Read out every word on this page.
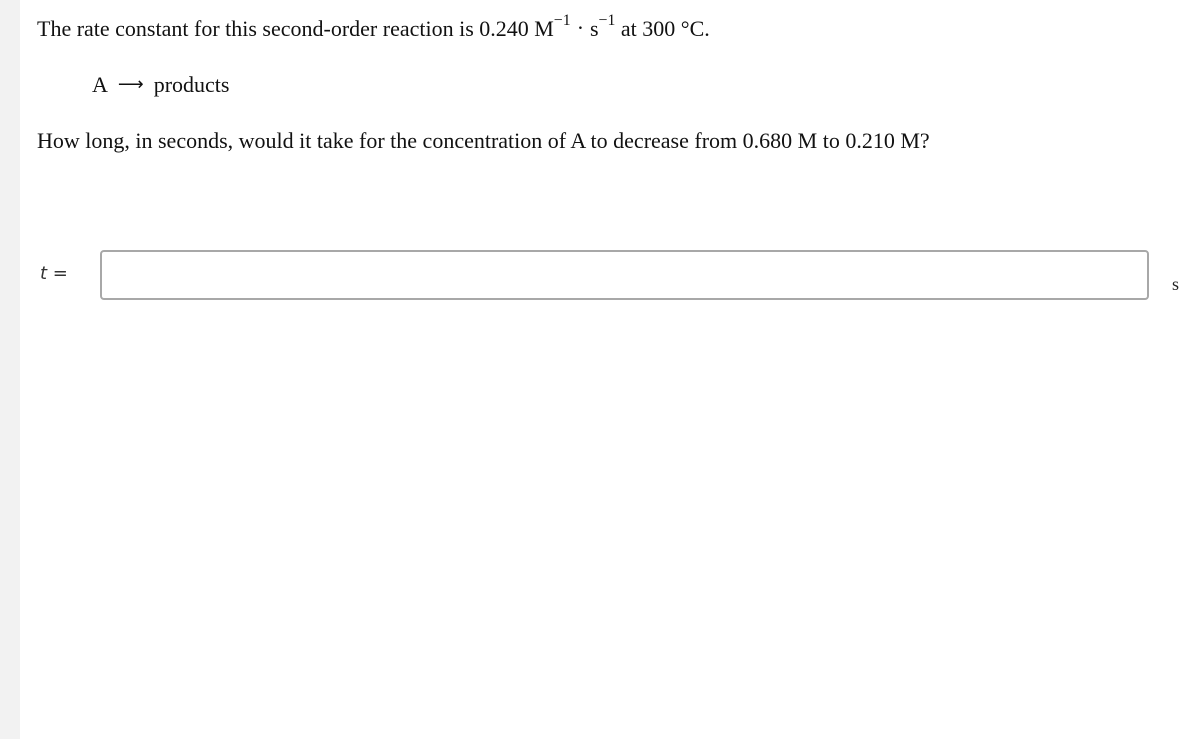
The rate constant for this second-order reaction is 0.240 $M^{-1} \cdot s^{-1}$ at 300 °C.
A ⟶ products
How long, in seconds, would it take for the concentration of A to decrease from 0.680 M to 0.210 M?
t =	s
